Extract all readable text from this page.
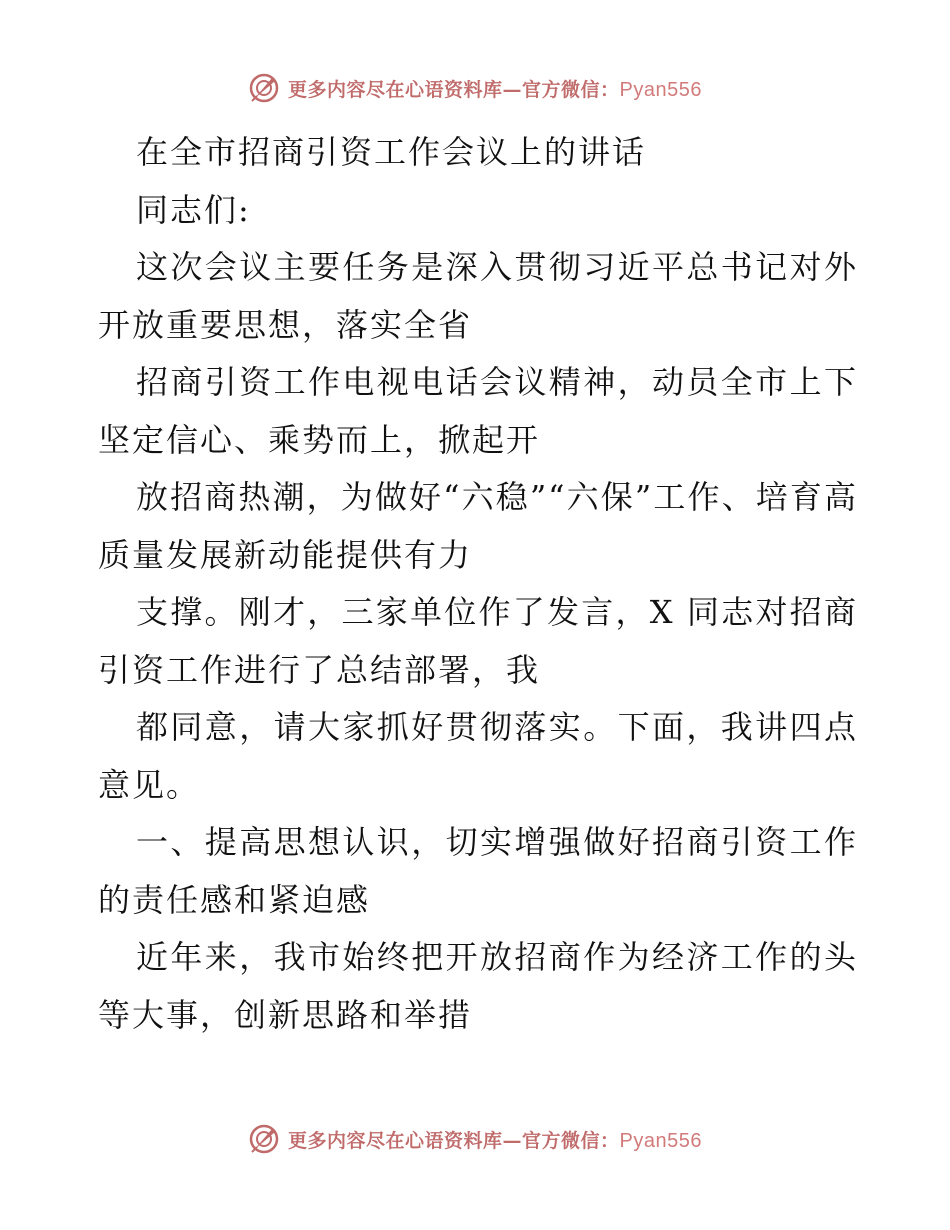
更多内容尽在心语资料库—官方微信：Pyan556

在全市招商引资工作会议上的讲话

同志们:

这次会议主要任务是深入贯彻习近平总书记对外开放重要思想，落实全省

招商引资工作电视电话会议精神，动员全市上下坚定信心、乘势而上，掀起开

放招商热潮，为做好“六稳”“六保”工作、培育高质量发展新动能提供有力

支撑。刚才，三家单位作了发言，X 同志对招商引资工作进行了总结部署，我

都同意，请大家抓好贯彻落实。下面，我讲四点意见。

一、提高思想认识，切实增强做好招商引资工作的责任感和紧迫感

近年来，我市始终把开放招商作为经济工作的头等大事，创新思路和举措

更多内容尽在心语资料库—官方微信：Pyan556
